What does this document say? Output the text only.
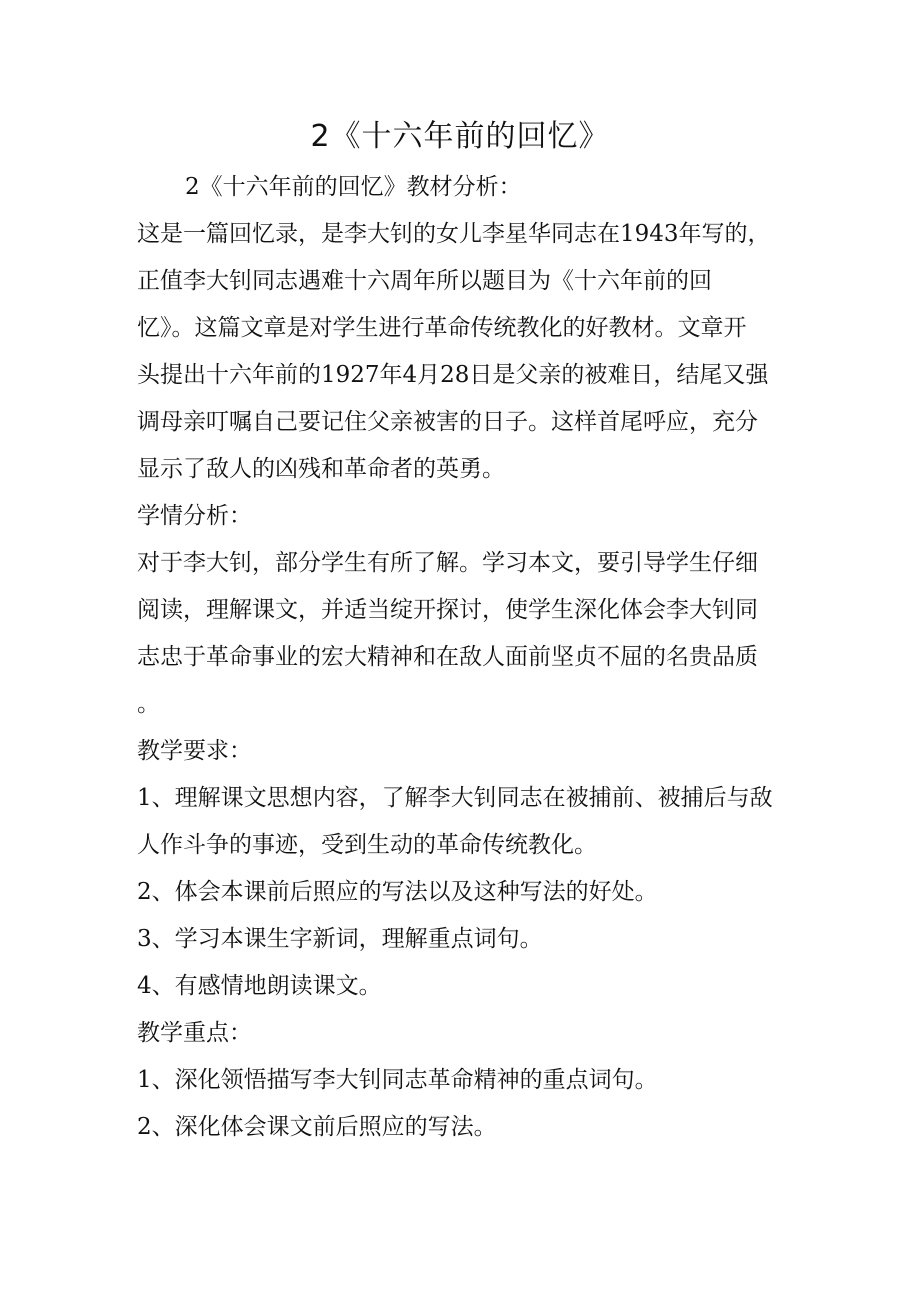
2《十六年前的回忆》
2《十六年前的回忆》教材分析：
这是一篇回忆录，是李大钊的女儿李星华同志在1943年写的，
正值李大钊同志遇难十六周年所以题目为《十六年前的回
忆》。这篇文章是对学生进行革命传统教化的好教材。文章开
头提出十六年前的1927年4月28日是父亲的被难日，结尾又强
调母亲叮嘱自己要记住父亲被害的日子。这样首尾呼应，充分
显示了敌人的凶残和革命者的英勇。
学情分析：
对于李大钊，部分学生有所了解。学习本文，要引导学生仔细
阅读，理解课文，并适当绽开探讨，使学生深化体会李大钊同
志忠于革命事业的宏大精神和在敌人面前坚贞不屈的名贵品质
。
教学要求：
1、理解课文思想内容，了解李大钊同志在被捕前、被捕后与敌
人作斗争的事迹，受到生动的革命传统教化。
2、体会本课前后照应的写法以及这种写法的好处。
3、学习本课生字新词，理解重点词句。
4、有感情地朗读课文。
教学重点：
1、深化领悟描写李大钊同志革命精神的重点词句。
2、深化体会课文前后照应的写法。
